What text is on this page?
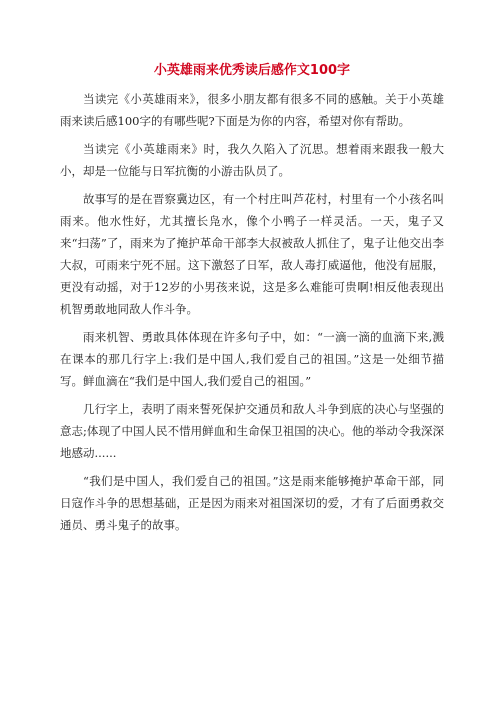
小英雄雨来优秀读后感作文100字

当读完《小英雄雨来》，很多小朋友都有很多不同的感触。关于小英雄雨来读后感100字的有哪些呢?下面是为你的内容，希望对你有帮助。

当读完《小英雄雨来》时，我久久陷入了沉思。想着雨来跟我一般大小，却是一位能与日军抗衡的小游击队员了。

故事写的是在晋察冀边区，有一个村庄叫芦花村，村里有一个小孩名叫雨来。他水性好，尤其擅长凫水，像个小鸭子一样灵活。一天，鬼子又来“扫荡”了，雨来为了掩护革命干部李大叔被敌人抓住了，鬼子让他交出李大叔，可雨来宁死不屈。这下激怒了日军，敌人毒打威逼他，他没有屈服，更没有动摇，对于12岁的小男孩来说，这是多么难能可贵啊!相反他表现出机智勇敢地同敌人作斗争。

雨来机智、勇敢具体体现在许多句子中，如：“一滴一滴的血滴下来,溅在课本的那几行字上:我们是中国人,我们爱自己的祖国。”这是一处细节描写。鲜血滴在“我们是中国人,我们爱自己的祖国。”

几行字上，表明了雨来誓死保护交通员和敌人斗争到底的决心与坚强的意志;体现了中国人民不惜用鲜血和生命保卫祖国的决心。他的举动令我深深地感动......

“我们是中国人，我们爱自己的祖国。”这是雨来能够掩护革命干部，同日寇作斗争的思想基础，正是因为雨来对祖国深切的爱，才有了后面勇救交通员、勇斗鬼子的故事。
